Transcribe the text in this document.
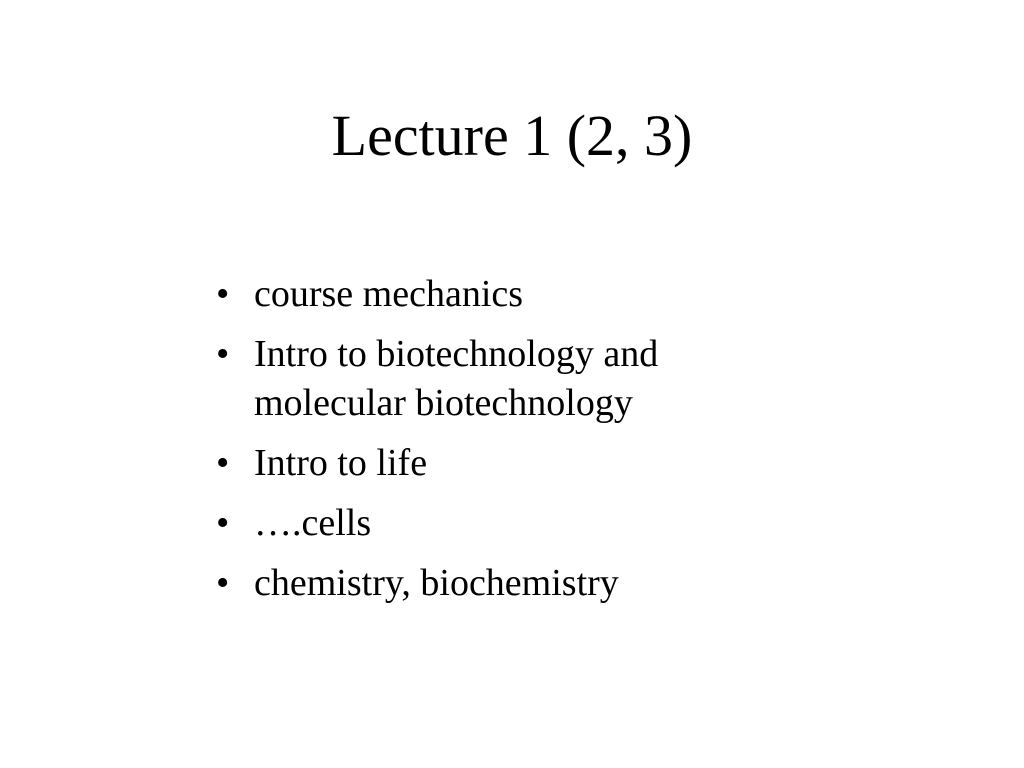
Lecture 1 (2, 3)
• course mechanics
• Intro to biotechnology and molecular biotechnology
• Intro to life
• ….cells
• chemistry, biochemistry
